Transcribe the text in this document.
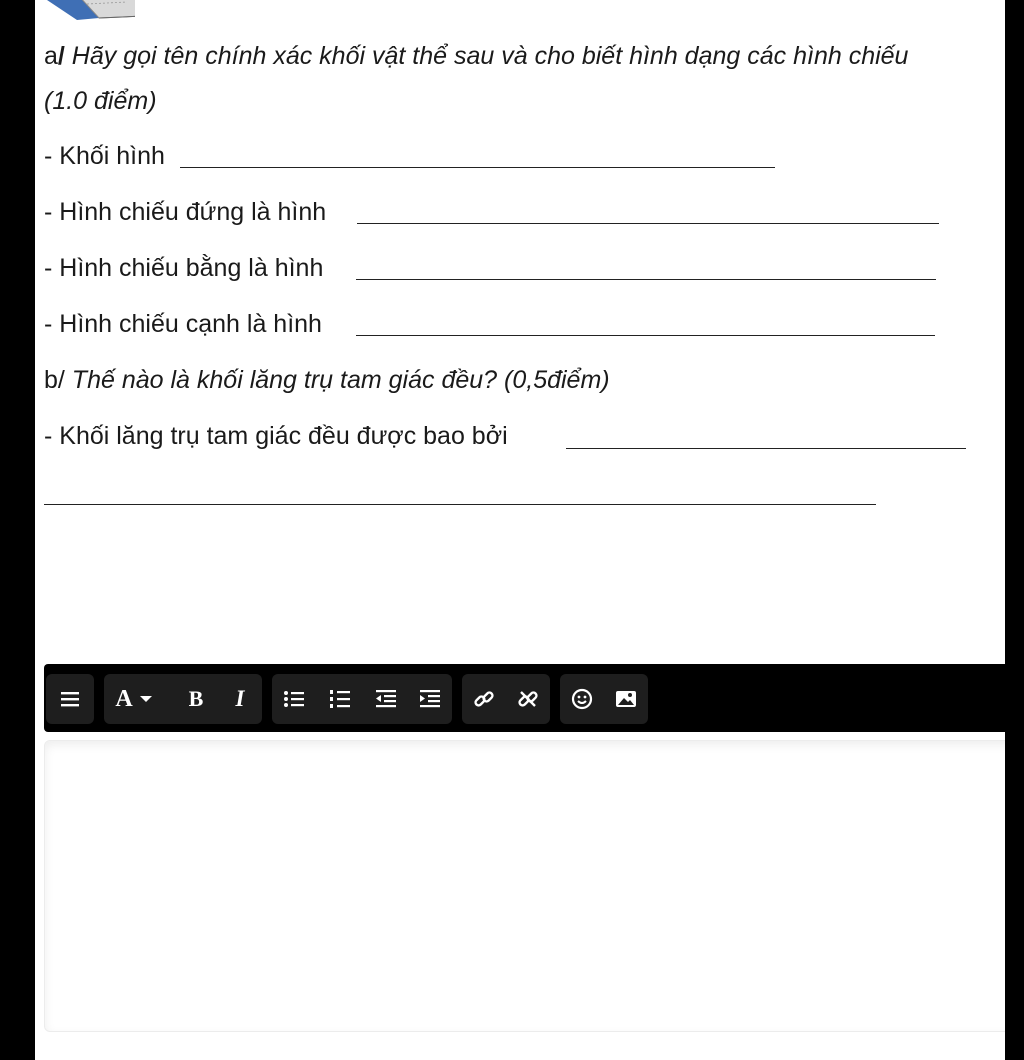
a/ Hãy gọi tên chính xác khối vật thể sau và cho biết hình dạng các hình chiếu
(1.0 điểm)
- Khối hình
- Hình chiếu đứng là hình
- Hình chiếu bằng là hình
- Hình chiếu cạnh là hình
b/ Thế nào là khối lăng trụ tam giác đều? (0,5điểm)
- Khối lăng trụ tam giác đều được bao bởi
A	B I
